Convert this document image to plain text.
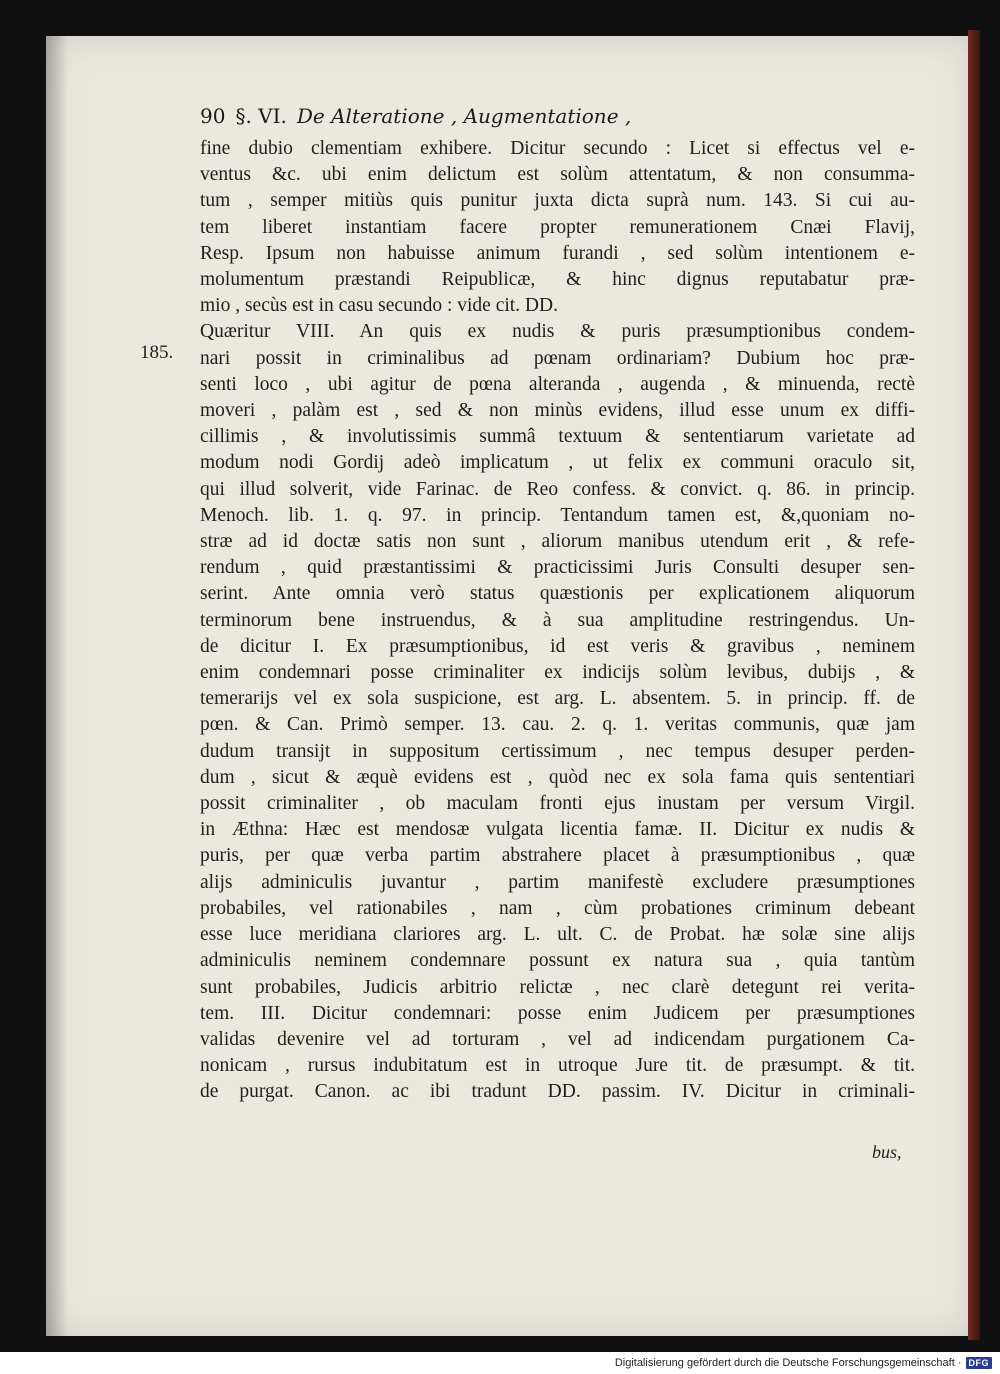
90 §. VI. De Alteratione , Augmentatione ,
185.
fine dubio clementiam exhibere. Dicitur secundo : Licet si effectus vel e-
ventus &c. ubi enim delictum est solùm attentatum, & non consumma-
tum , semper mitiùs quis punitur juxta dicta suprà num. 143. Si cui au-
tem liberet instantiam facere propter remunerationem Cnæi Flavij,
Resp. Ipsum non habuisse animum furandi , sed solùm intentionem e-
molumentum præstandi Reipublicæ, & hinc dignus reputabatur præ-
mio , secùs est in casu secundo : vide cit. DD.
Quæritur VIII. An quis ex nudis & puris præsumptionibus condem-
nari possit in criminalibus ad pœnam ordinariam? Dubium hoc præ-
senti loco , ubi agitur de pœna alteranda , augenda , & minuenda, rectè
moveri , palàm est , sed & non minùs evidens, illud esse unum ex diffi-
cillimis , & involutissimis summâ textuum & sententiarum varietate ad
modum nodi Gordij adeò implicatum , ut felix ex communi oraculo sit,
qui illud solverit, vide Farinac. de Reo confess. & convict. q. 86. in princip.
Menoch. lib. 1. q. 97. in princip. Tentandum tamen est, &,quoniam no-
stræ ad id doctæ satis non sunt , aliorum manibus utendum erit , & refe-
rendum , quid præstantissimi & practicissimi Juris Consulti desuper sen-
serint. Ante omnia verò status quæstionis per explicationem aliquorum
terminorum bene instruendus, & à sua amplitudine restringendus. Un-
de dicitur I. Ex præsumptionibus, id est veris & gravibus , neminem
enim condemnari posse criminaliter ex indicijs solùm levibus, dubijs , &
temerarijs vel ex sola suspicione, est arg. L. absentem. 5. in princip. ff. de
pœn. & Can. Primò semper. 13. cau. 2. q. 1. veritas communis, quæ jam
dudum transijt in suppositum certissimum , nec tempus desuper perden-
dum , sicut & æquè evidens est , quòd nec ex sola fama quis sententiari
possit criminaliter , ob maculam fronti ejus inustam per versum Virgil.
in Æthna: Hæc est mendosæ vulgata licentia famæ. II. Dicitur ex nudis &
puris, per quæ verba partim abstrahere placet à præsumptionibus , quæ
alijs adminiculis juvantur , partim manifestè excludere præsumptiones
probabiles, vel rationabiles , nam , cùm probationes criminum debeant
esse luce meridiana clariores arg. L. ult. C. de Probat. hæ solæ sine alijs
adminiculis neminem condemnare possunt ex natura sua , quia tantùm
sunt probabiles, Judicis arbitrio relictæ , nec clarè detegunt rei verita-
tem. III. Dicitur condemnari: posse enim Judicem per præsumptiones
validas devenire vel ad torturam , vel ad indicendam purgationem Ca-
nonicam , rursus indubitatum est in utroque Jure tit. de præsumpt. & tit.
de purgat. Canon. ac ibi tradunt DD. passim. IV. Dicitur in criminali-
bus,
Digitalisierung gefördert durch die Deutsche Forschungsgemeinschaft · DFG
